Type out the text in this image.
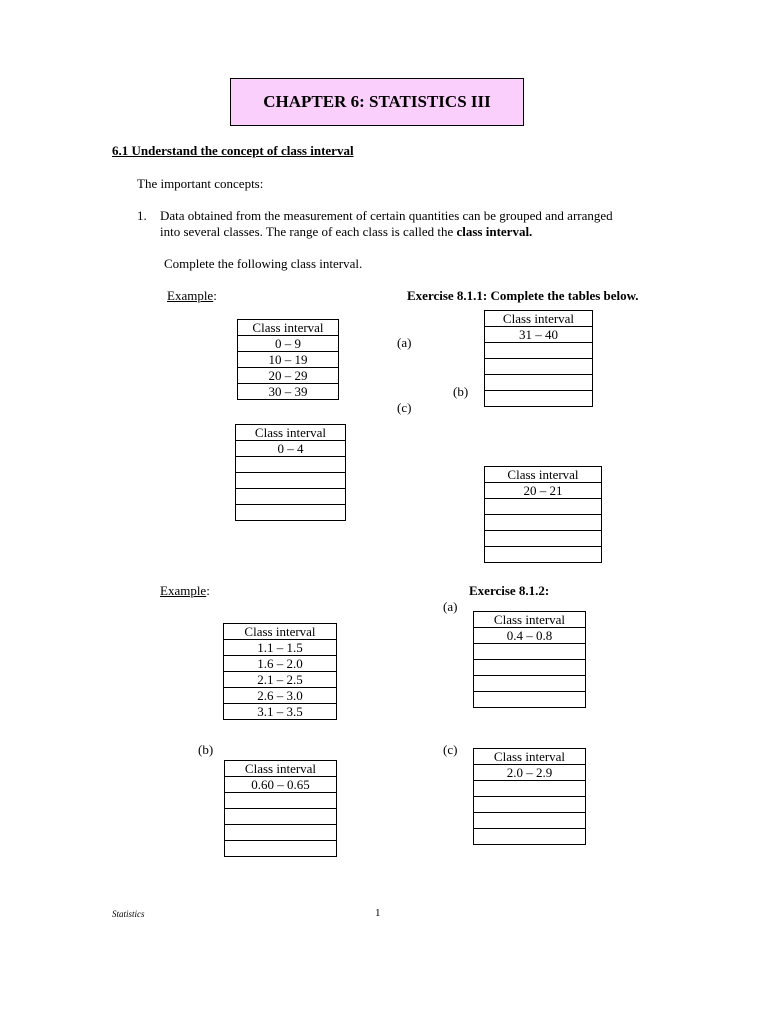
CHAPTER 6: STATISTICS III
6.1 Understand the concept of class interval
The important concepts:
1. Data obtained from the measurement of certain quantities can be grouped and arranged
into several classes. The range of each class is called the class interval.
Complete the following class interval.
Example:	Exercise 8.1.1: Complete the tables below.
Class interval
0 – 9
10 – 19
20 – 29
30 – 39
(a)
Class interval
31 – 40

(b)
(c)
Class interval
0 – 4

Class interval
20 – 21

Example:	Exercise 8.1.2:
(a)
Class interval
1.1 – 1.5
1.6 – 2.0
2.1 – 2.5
2.6 – 3.0
3.1 – 3.5
Class interval
0.4 – 0.8

(b)	(c)
Class interval
0.60 – 0.65

Class interval
2.0 – 2.9

Statistics	1
